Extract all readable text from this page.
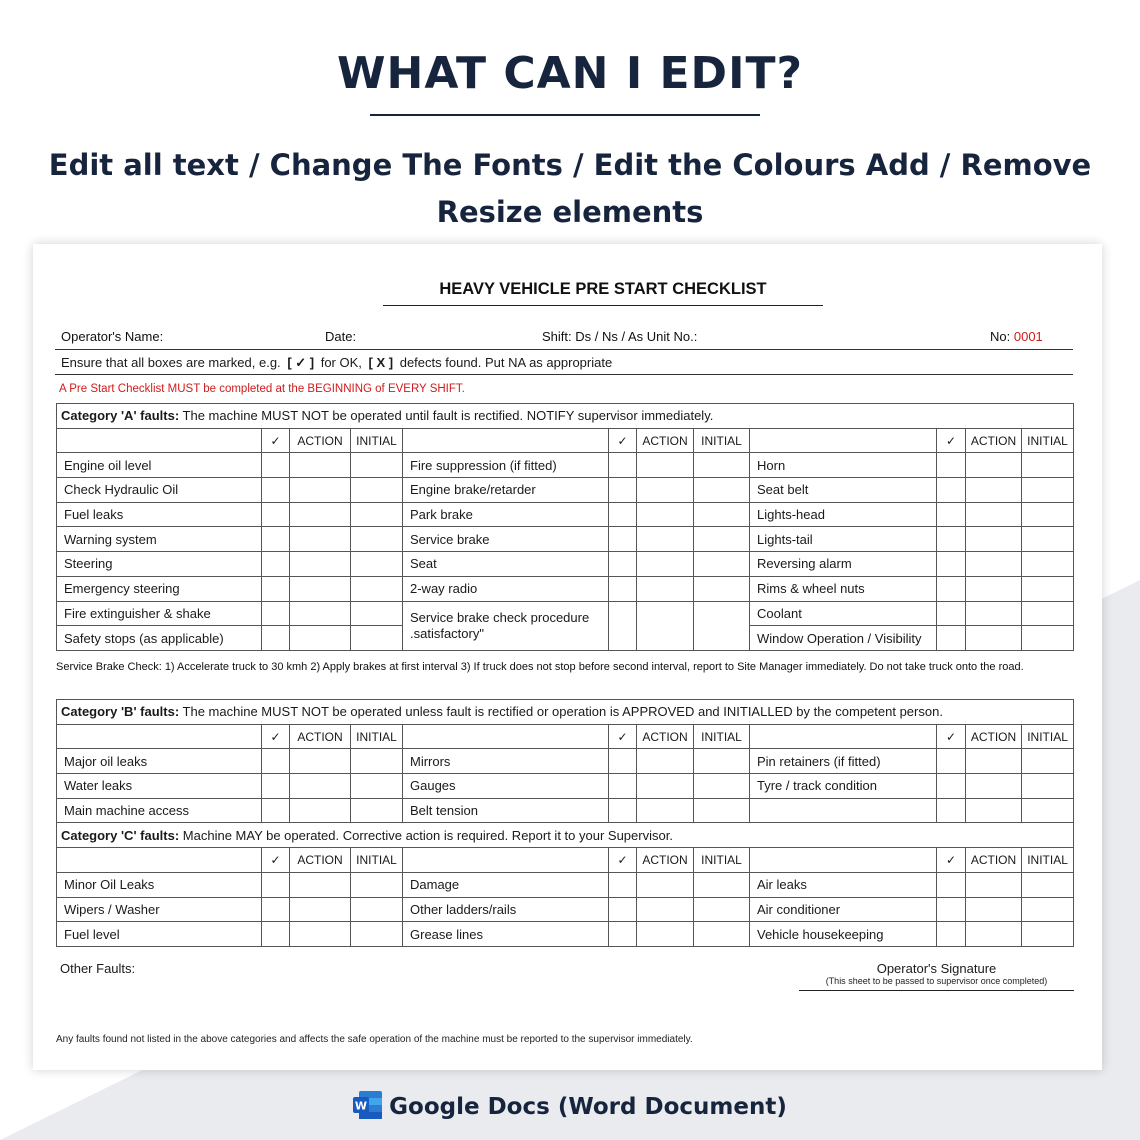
WHAT CAN I EDIT?
Edit all text / Change The Fonts / Edit the Colours Add / Remove
Resize elements
HEAVY VEHICLE PRE START CHECKLIST
Operator's Name:	Date:	Shift: Ds / Ns / As Unit No.:	No: 0001
Ensure that all boxes are marked, e.g. [ ✓ ] for OK, [ X ] defects found. Put NA as appropriate
A Pre Start Checklist MUST be completed at the BEGINNING of EVERY SHIFT.
Category 'A' faults: The machine MUST NOT be operated until fault is rectified. NOTIFY supervisor immediately.											
	✓	ACTION	INITIAL		✓	ACTION	INITIAL		✓	ACTION	INITIAL
Engine oil level				Fire suppression (if fitted)				Horn			
Check Hydraulic Oil				Engine brake/retarder				Seat belt			
Fuel leaks				Park brake				Lights-head			
Warning system				Service brake				Lights-tail			
Steering				Seat				Reversing alarm			
Emergency steering				2-way radio				Rims & wheel nuts			
Fire extinguisher & shake				Service brake check procedure .satisfactory"				Coolant			
Safety stops (as applicable)								Window Operation / Visibility			
Service Brake Check: 1) Accelerate truck to 30 kmh 2) Apply brakes at first interval 3) If truck does not stop before second interval, report to Site Manager immediately. Do not take truck onto the road.
Category 'B' faults: The machine MUST NOT be operated unless fault is rectified or operation is APPROVED and INITIALLED by the competent person.											
	✓	ACTION	INITIAL		✓	ACTION	INITIAL		✓	ACTION	INITIAL
Major oil leaks				Mirrors				Pin retainers (if fitted)			
Water leaks				Gauges				Tyre / track condition			
Main machine access				Belt tension							
Category 'C' faults: Machine MAY be operated. Corrective action is required. Report it to your Supervisor.											
	✓	ACTION	INITIAL		✓	ACTION	INITIAL		✓	ACTION	INITIAL
Minor Oil Leaks				Damage				Air leaks			
Wipers / Washer				Other ladders/rails				Air conditioner			
Fuel level				Grease lines				Vehicle housekeeping			
Other Faults:	Operator's Signature
(This sheet to be passed to supervisor once completed)
Any faults found not listed in the above categories and affects the safe operation of the machine must be reported to the supervisor immediately.
W Google Docs (Word Document)
